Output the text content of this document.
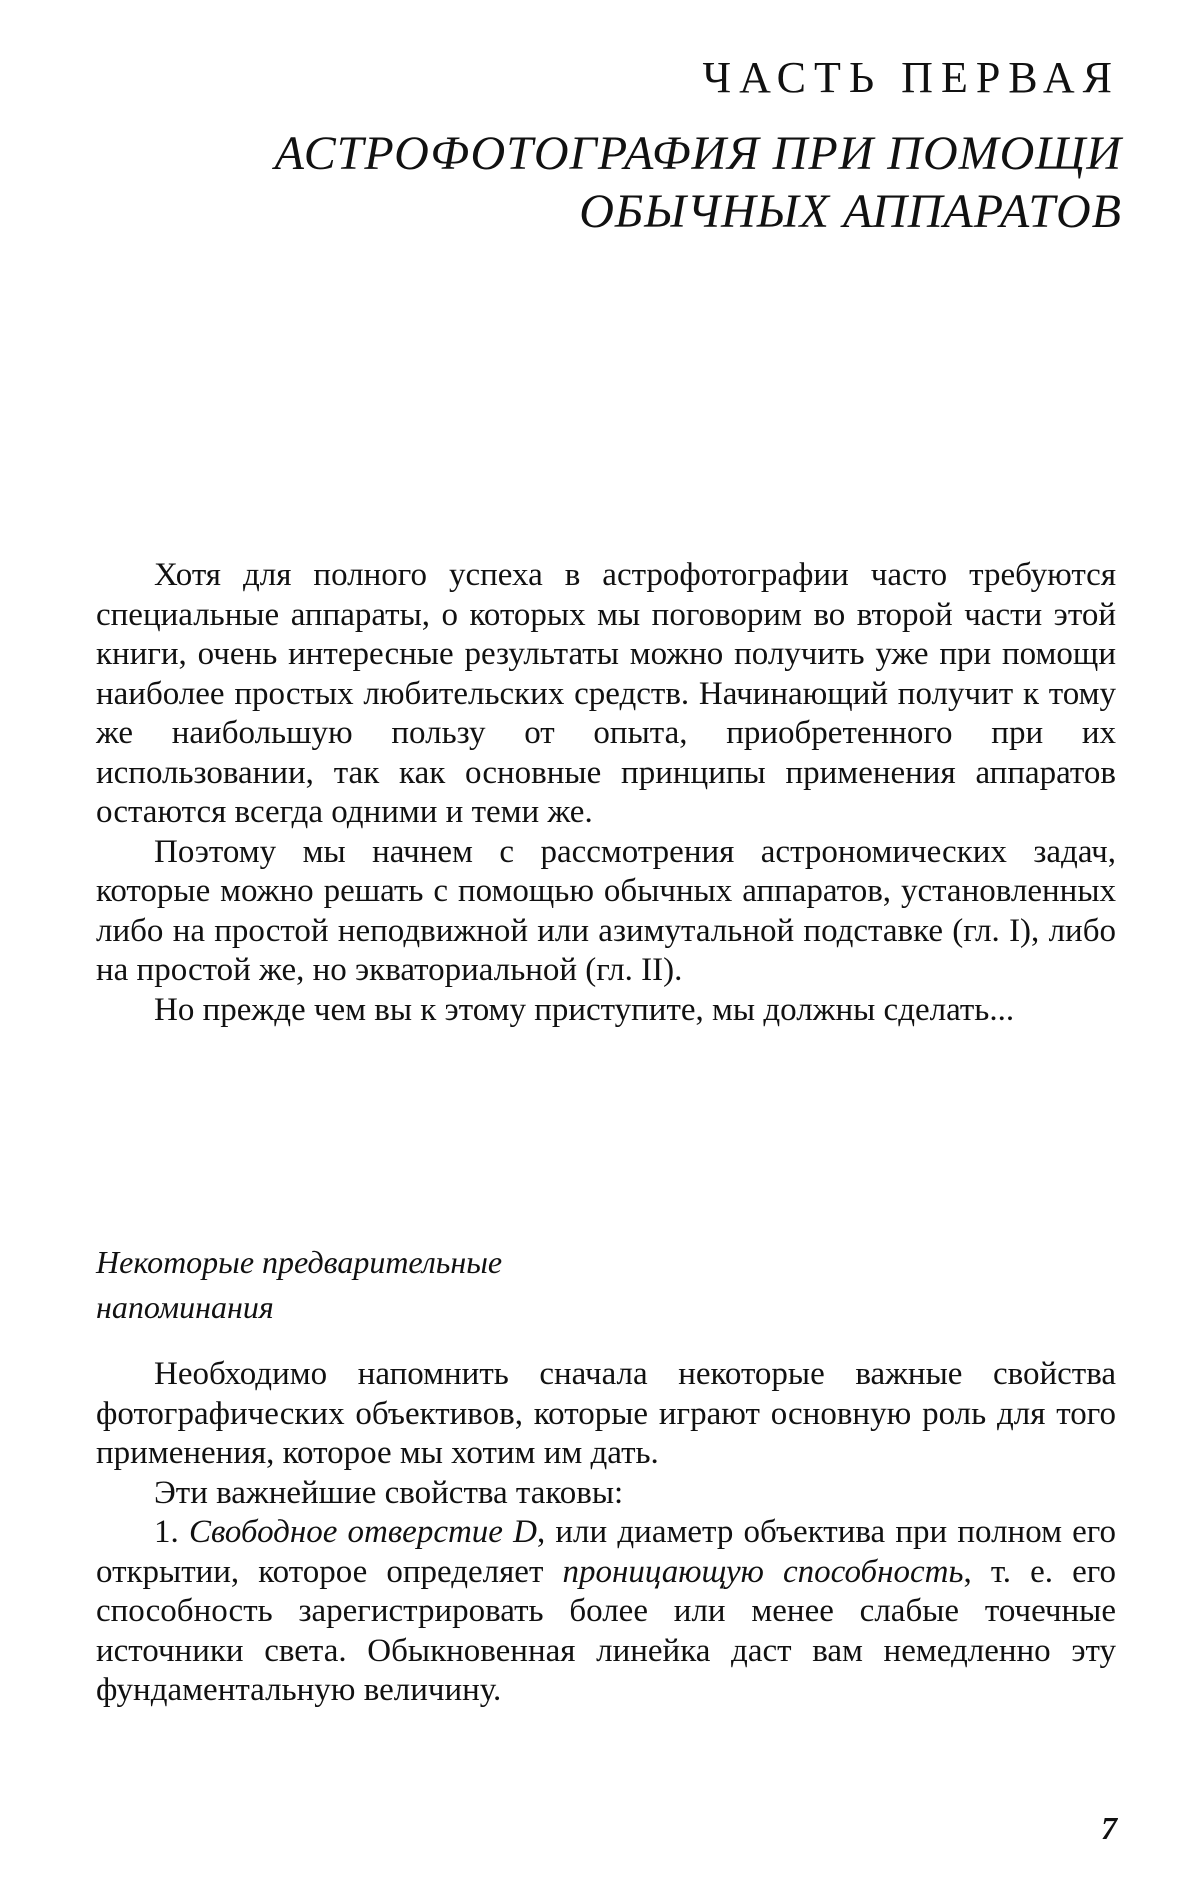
ЧАСТЬ ПЕРВАЯ
АСТРОФОТОГРАФИЯ ПРИ ПОМОЩИ
ОБЫЧНЫХ АППАРАТОВ

Хотя для полного успеха в астрофотографии часто требуются специальные аппараты, о которых мы поговорим во второй части этой книги, очень интересные результаты можно получить уже при помощи наиболее простых любительских средств. Начинающий получит к тому же наибольшую пользу от опыта, приобретенного при их использовании, так как основные принципы применения аппаратов остаются всегда одними и теми же.

Поэтому мы начнем с рассмотрения астрономических задач, которые можно решать с помощью обычных аппаратов, установленных либо на простой неподвижной или азимутальной подставке (гл. I), либо на простой же, но экваториальной (гл. II).

Но прежде чем вы к этому приступите, мы должны сделать...

Некоторые предварительные
напоминания

Необходимо напомнить сначала некоторые важные свойства фотографических объективов, которые играют основную роль для того применения, которое мы хотим им дать.

Эти важнейшие свойства таковы:

1. Свободное отверстие D, или диаметр объектива при полном его открытии, которое определяет проницающую способность, т. е. его способность зарегистрировать более или менее слабые точечные источники света. Обыкновенная линейка даст вам немедленно эту фундаментальную величину.

7
